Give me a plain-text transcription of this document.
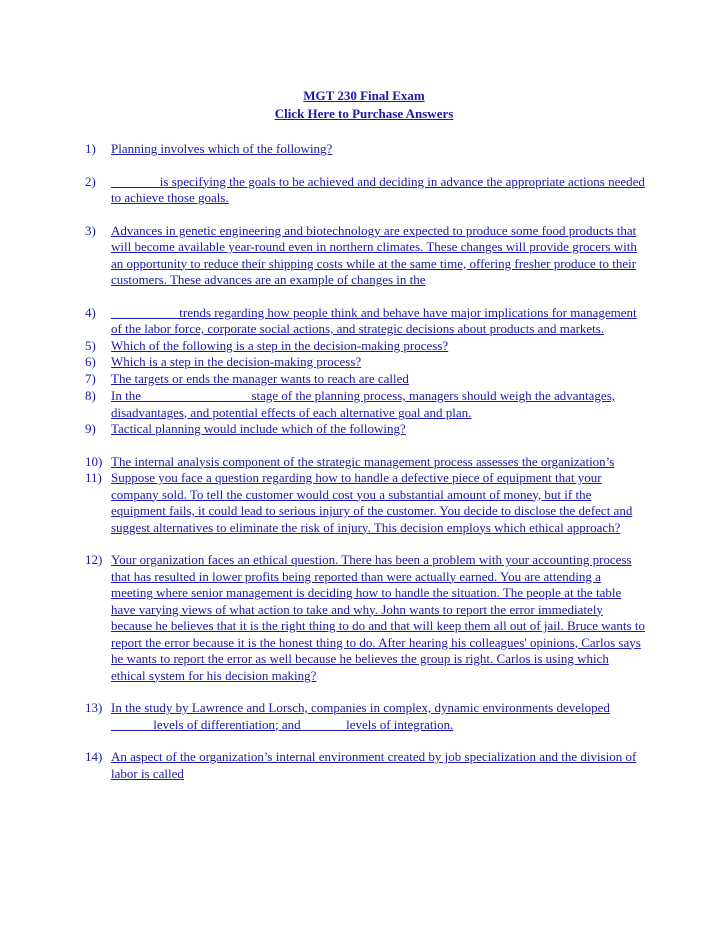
MGT 230 Final Exam
Click Here to Purchase Answers
1)	Planning involves which of the following?
2)	_______ is specifying the goals to be achieved and deciding in advance the appropriate actions needed to achieve those goals.
3)	Advances in genetic engineering and biotechnology are expected to produce some food products that will become available year-round even in northern climates. These changes will provide grocers with an opportunity to reduce their shipping costs while at the same time, offering fresher produce to their customers. These advances are an example of changes in the
4)	__________ trends regarding how people think and behave have major implications for management of the labor force, corporate social actions, and strategic decisions about products and markets.
5)	Which of the following is a step in the decision-making process?
6)	Which is a step in the decision-making process?
7)	The targets or ends the manager wants to reach are called
8)	In the ________________ stage of the planning process, managers should weigh the advantages, disadvantages, and potential effects of each alternative goal and plan.
9)	Tactical planning would include which of the following?
10) The internal analysis component of the strategic management process assesses the organization’s
11) Suppose you face a question regarding how to handle a defective piece of equipment that your company sold. To tell the customer would cost you a substantial amount of money, but if the equipment fails, it could lead to serious injury of the customer. You decide to disclose the defect and suggest alternatives to eliminate the risk of injury. This decision employs which ethical approach?
12) Your organization faces an ethical question. There has been a problem with your accounting process that has resulted in lower profits being reported than were actually earned. You are attending a meeting where senior management is deciding how to handle the situation. The people at the table have varying views of what action to take and why. John wants to report the error immediately because he believes that it is the right thing to do and that will keep them all out of jail. Bruce wants to report the error because it is the honest thing to do. After hearing his colleagues' opinions, Carlos says he wants to report the error as well because he believes the group is right. Carlos is using which ethical system for his decision making?
13) In the study by Lawrence and Lorsch, companies in complex, dynamic environments developed ______ levels of differentiation; and ______ levels of integration.
14) An aspect of the organization’s internal environment created by job specialization and the division of labor is called
